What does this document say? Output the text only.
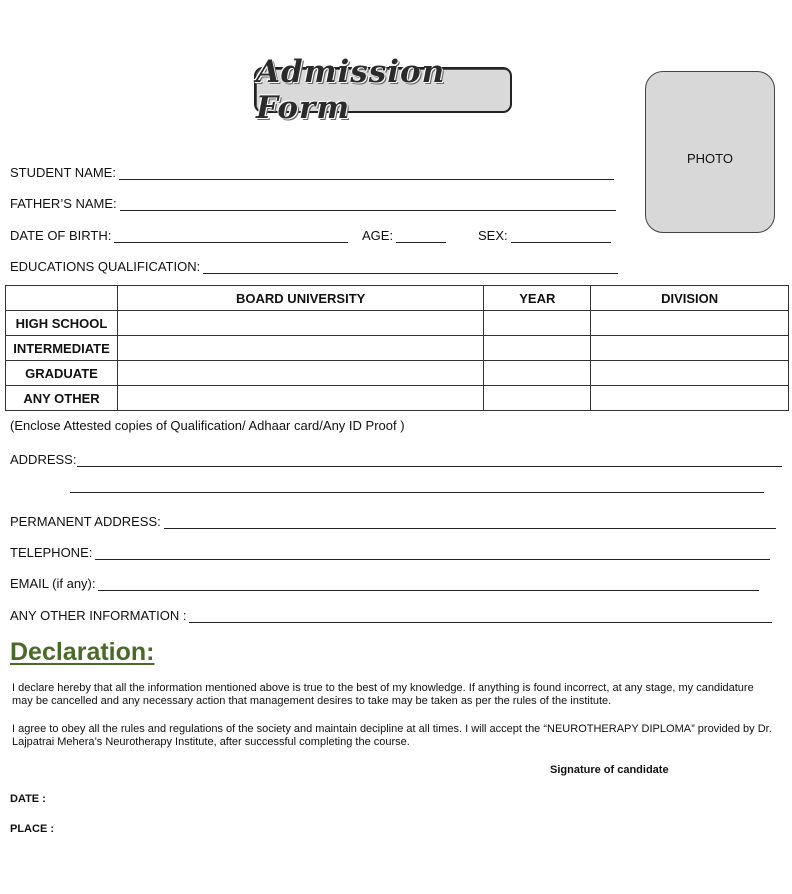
Admission Form
PHOTO
STUDENT NAME:
FATHER’S NAME:
DATE OF BIRTH:	AGE:	SEX:
EDUCATIONS QUALIFICATION:
	BOARD UNIVERSITY	YEAR	DIVISION
HIGH SCHOOL			
INTERMEDIATE			
GRADUATE			
ANY OTHER			
(Enclose Attested copies of Qualification/ Adhaar card/Any ID Proof )
ADDRESS:
PERMANENT ADDRESS:
TELEPHONE:
EMAIL (if any):
ANY OTHER INFORMATION :
Declaration:
I declare hereby that all the information mentioned above is true to the best of my knowledge. If anything is found incorrect, at any stage, my candidature may be cancelled and any necessary action that management desires to take may be taken as per the rules of the institute.
I agree to obey all the rules and regulations of the society and maintain decipline at all times. I will accept the “NEUROTHERAPY DIPLOMA” provided by Dr. Lajpatrai Mehera’s Neurotherapy Institute, after successful completing the course.
Signature of candidate
DATE :
PLACE :
